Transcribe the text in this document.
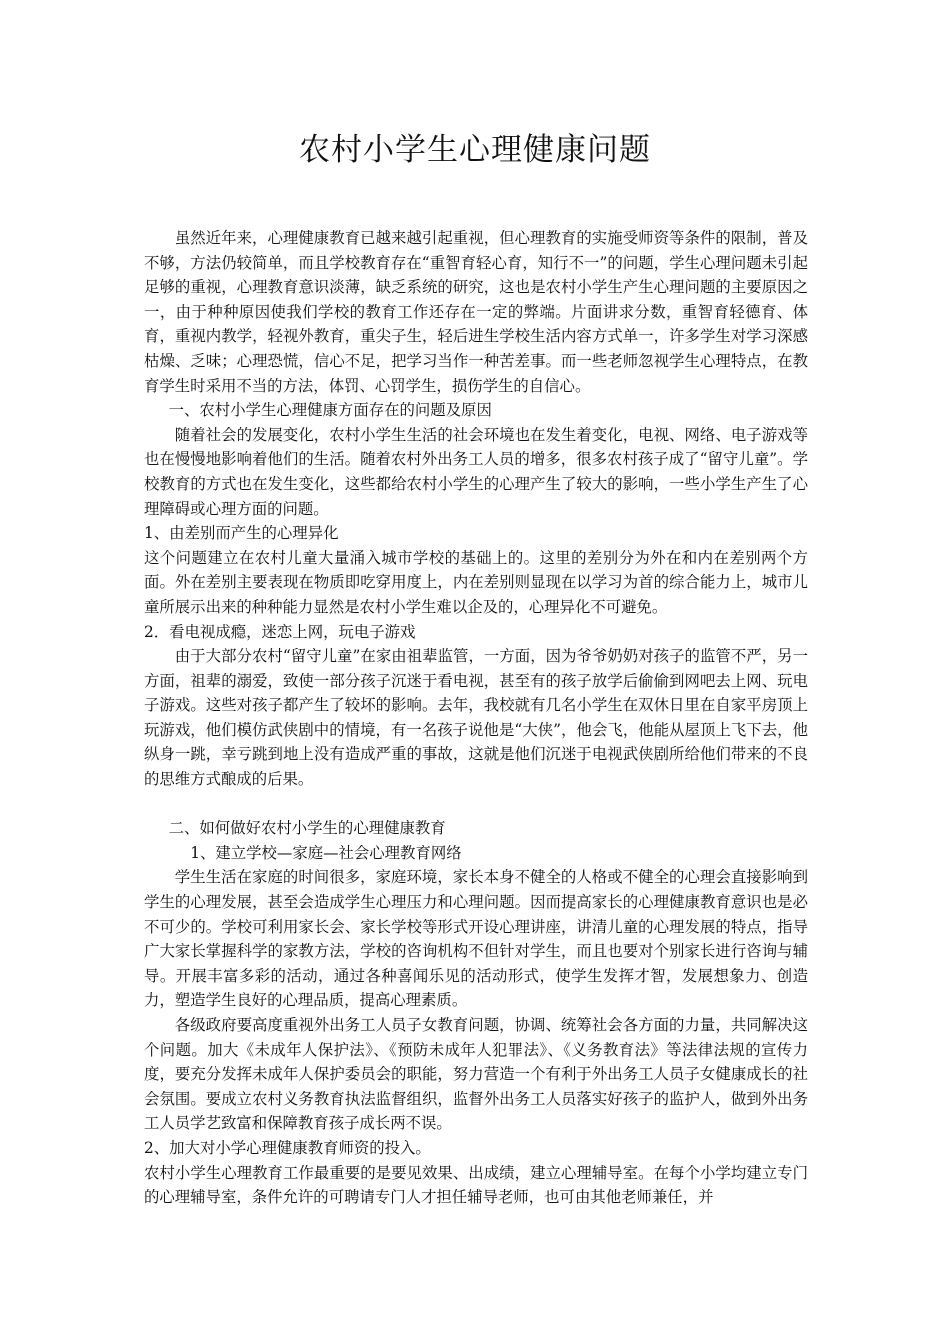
农村小学生心理健康问题

虽然近年来，心理健康教育已越来越引起重视，但心理教育的实施受师资等条件的限制，普及不够，方法仍较简单，而且学校教育存在“重智育轻心育，知行不一”的问题，学生心理问题未引起足够的重视，心理教育意识淡薄，缺乏系统的研究，这也是农村小学生产生心理问题的主要原因之一，由于种种原因使我们学校的教育工作还存在一定的弊端。片面讲求分数，重智育轻德育、体育，重视内教学，轻视外教育，重尖子生，轻后进生学校生活内容方式单一，许多学生对学习深感枯燥、乏味；心理恐慌，信心不足，把学习当作一种苦差事。而一些老师忽视学生心理特点，在教育学生时采用不当的方法，体罚、心罚学生，损伤学生的自信心。

一、农村小学生心理健康方面存在的问题及原因

随着社会的发展变化，农村小学生生活的社会环境也在发生着变化，电视、网络、电子游戏等也在慢慢地影响着他们的生活。随着农村外出务工人员的增多，很多农村孩子成了“留守儿童”。学校教育的方式也在发生变化，这些都给农村小学生的心理产生了较大的影响，一些小学生产生了心理障碍或心理方面的问题。

1、由差别而产生的心理异化

这个问题建立在农村儿童大量涌入城市学校的基础上的。这里的差别分为外在和内在差别两个方面。外在差别主要表现在物质即吃穿用度上，内在差别则显现在以学习为首的综合能力上，城市儿童所展示出来的种种能力显然是农村小学生难以企及的，心理异化不可避免。

2．看电视成瘾，迷恋上网，玩电子游戏

由于大部分农村“留守儿童”在家由祖辈监管，一方面，因为爷爷奶奶对孩子的监管不严，另一方面，祖辈的溺爱，致使一部分孩子沉迷于看电视，甚至有的孩子放学后偷偷到网吧去上网、玩电子游戏。这些对孩子都产生了较坏的影响。去年，我校就有几名小学生在双休日里在自家平房顶上玩游戏，他们模仿武侠剧中的情境，有一名孩子说他是“大侠”，他会飞，他能从屋顶上飞下去，他纵身一跳，幸亏跳到地上没有造成严重的事故，这就是他们沉迷于电视武侠剧所给他们带来的不良的思维方式酿成的后果。

二、如何做好农村小学生的心理健康教育

1、建立学校—家庭—社会心理教育网络

学生生活在家庭的时间很多，家庭环境，家长本身不健全的人格或不健全的心理会直接影响到学生的心理发展，甚至会造成学生心理压力和心理问题。因而提高家长的心理健康教育意识也是必不可少的。学校可利用家长会、家长学校等形式开设心理讲座，讲清儿童的心理发展的特点，指导广大家长掌握科学的家教方法，学校的咨询机构不但针对学生，而且也要对个别家长进行咨询与辅导。开展丰富多彩的活动，通过各种喜闻乐见的活动形式，使学生发挥才智，发展想象力、创造力，塑造学生良好的心理品质，提高心理素质。

各级政府要高度重视外出务工人员子女教育问题，协调、统筹社会各方面的力量，共同解决这个问题。加大《未成年人保护法》、《预防未成年人犯罪法》、《义务教育法》等法律法规的宣传力度，要充分发挥未成年人保护委员会的职能，努力营造一个有利于外出务工人员子女健康成长的社会氛围。要成立农村义务教育执法监督组织，监督外出务工人员落实好孩子的监护人，做到外出务工人员学艺致富和保障教育孩子成长两不误。

2、加大对小学心理健康教育师资的投入。

农村小学生心理教育工作最重要的是要见效果、出成绩，建立心理辅导室。在每个小学均建立专门的心理辅导室，条件允许的可聘请专门人才担任辅导老师，也可由其他老师兼任，并
